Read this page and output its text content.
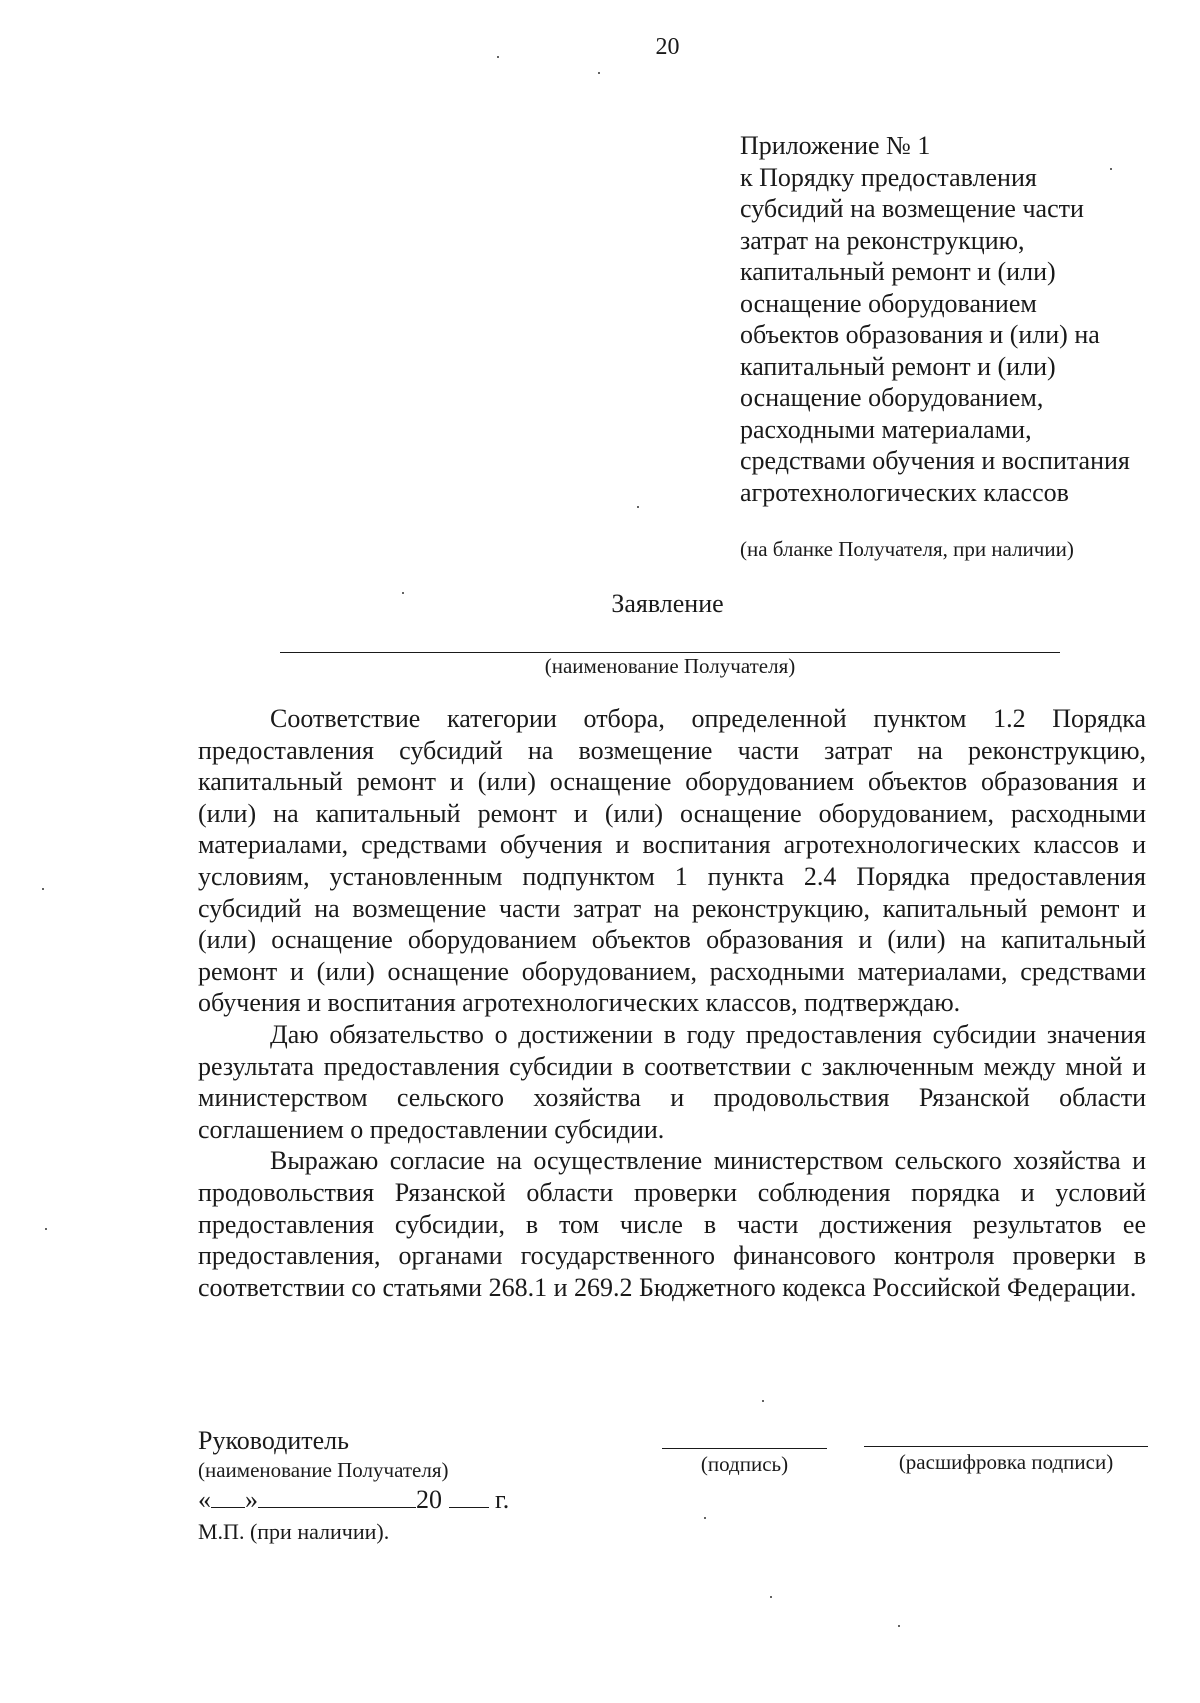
20
Приложение № 1
к Порядку предоставления
субсидий на возмещение части
затрат на реконструкцию,
капитальный ремонт и (или)
оснащение оборудованием
объектов образования и (или) на
капитальный ремонт и (или)
оснащение оборудованием,
расходными материалами,
средствами обучения и воспитания
агротехнологических классов
(на бланке Получателя, при наличии)
Заявление
(наименование Получателя)

Соответствие категории отбора, определенной пунктом 1.2 Порядка предоставления субсидий на возмещение части затрат на реконструкцию, капитальный ремонт и (или) оснащение оборудованием объектов образования и (или) на капитальный ремонт и (или) оснащение оборудованием, расходными материалами, средствами обучения и воспитания агротехнологических классов и условиям, установленным подпунктом 1 пункта 2.4 Порядка предоставления субсидий на возмещение части затрат на реконструкцию, капитальный ремонт и (или) оснащение оборудованием объектов образования и (или) на капитальный ремонт и (или) оснащение оборудованием, расходными материалами, средствами обучения и воспитания агротехнологических классов, подтверждаю.

Даю обязательство о достижении в году предоставления субсидии значения результата предоставления субсидии в соответствии с заключенным между мной и министерством сельского хозяйства и продовольствия Рязанской области соглашением о предоставлении субсидии.

Выражаю согласие на осуществление министерством сельского хозяйства и продовольствия Рязанской области проверки соблюдения порядка и условий предоставления субсидии, в том числе в части достижения результатов ее предоставления, органами государственного финансового контроля проверки в соответствии со статьями 268.1 и 269.2 Бюджетного кодекса Российской Федерации.

Руководитель
(наименование Получателя)
« »	20 г.
М.П. (при наличии).
(подпись)	(расшифровка подписи)
